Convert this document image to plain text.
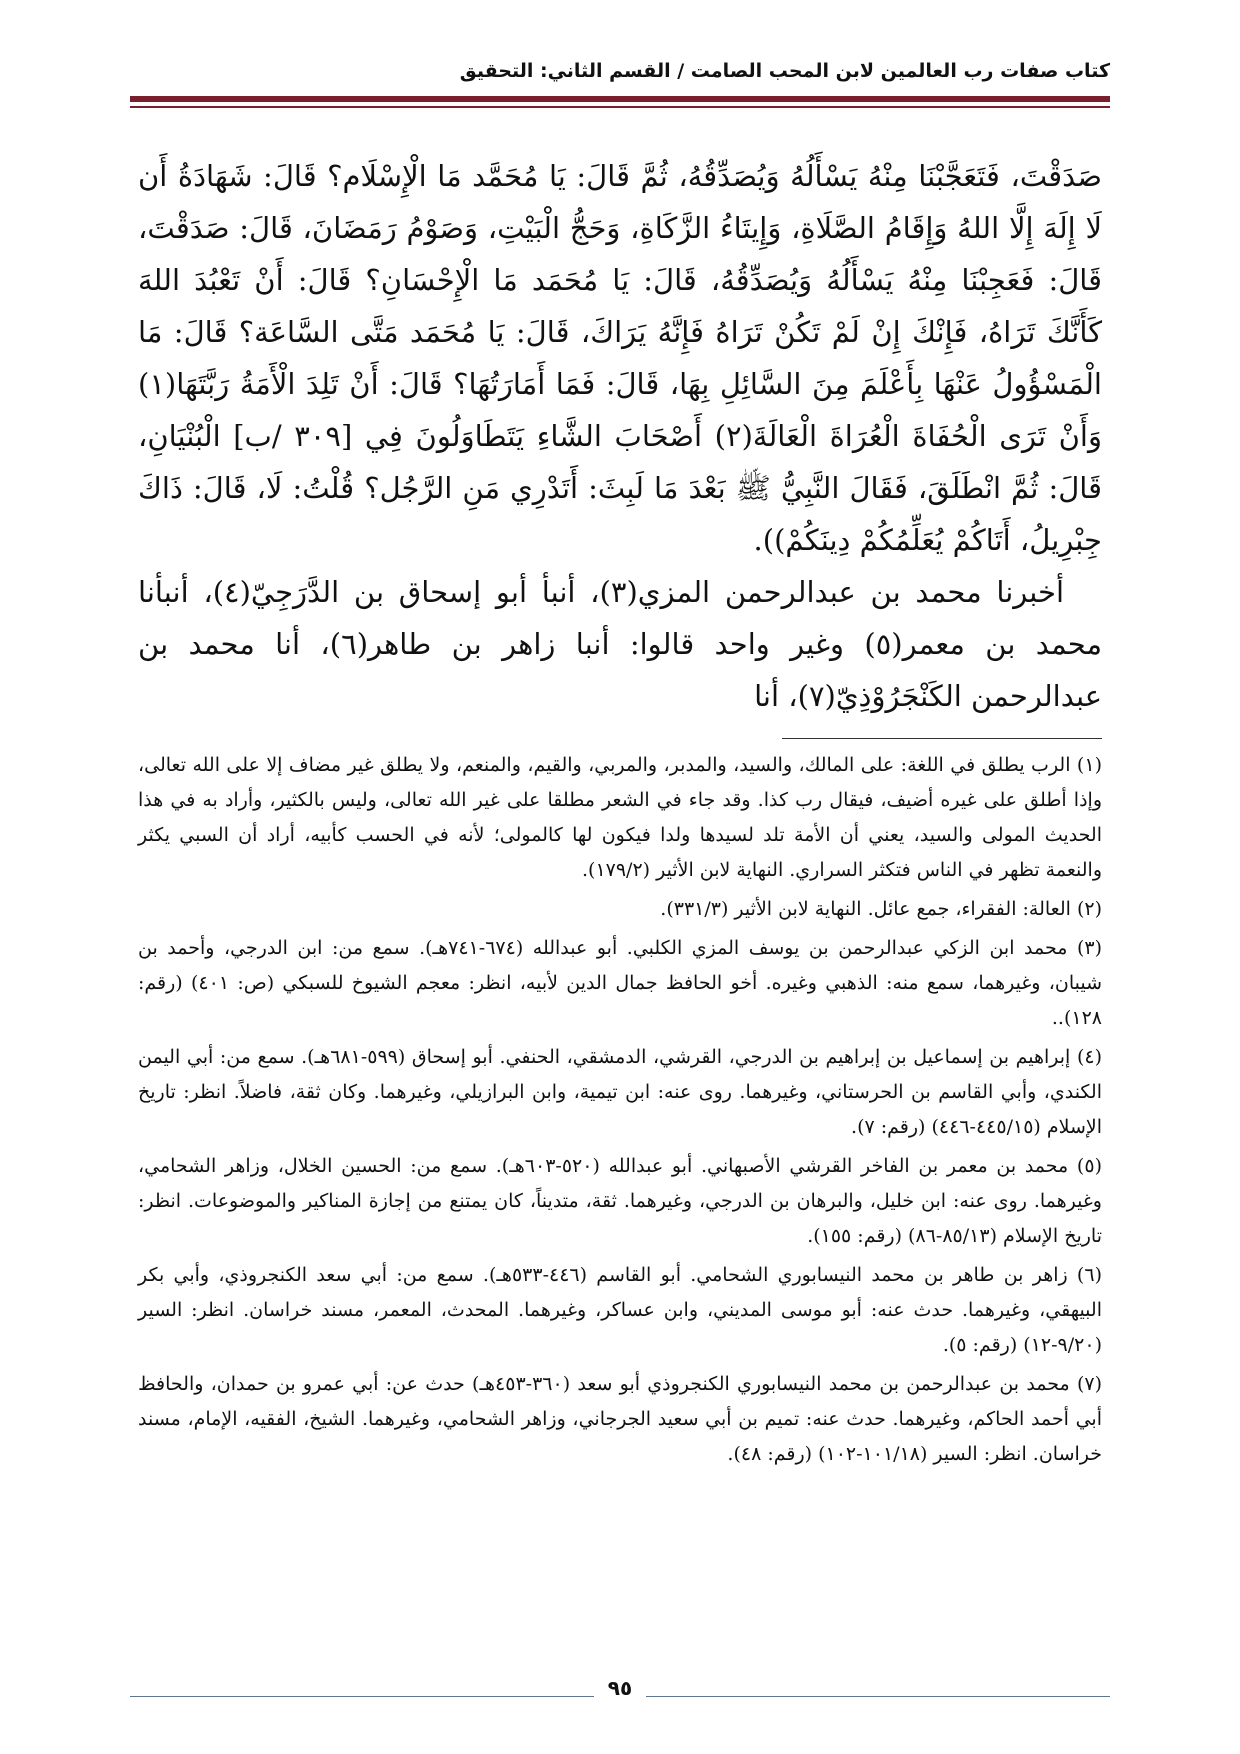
كتاب صفات رب العالمين لابن المحب الصامت / القسم الثاني: التحقيق

صَدَقْتَ، فَتَعَجَّبْنَا مِنْهُ يَسْأَلُهُ وَيُصَدِّقُهُ، ثُمَّ قَالَ: يَا مُحَمَّد مَا الْإِسْلَام؟ قَالَ: شَهَادَةُ أَن لَا إِلَهَ إِلَّا اللهُ وَإِقَامُ الصَّلَاةِ، وَإِيتَاءُ الزَّكَاةِ، وَحَجُّ الْبَيْتِ، وَصَوْمُ رَمَضَانَ، قَالَ: صَدَقْتَ، قَالَ: فَعَجِبْنَا مِنْهُ يَسْأَلُهُ وَيُصَدِّقُهُ، قَالَ: يَا مُحَمَد مَا الْإِحْسَانِ؟ قَالَ: أَنْ تَعْبُدَ اللهَ كَأَنَّكَ تَرَاهُ، فَإِنْكَ إِنْ لَمْ تَكُنْ تَرَاهُ فَإِنَّهُ يَرَاكَ، قَالَ: يَا مُحَمَد مَتَّى السَّاعَة؟ قَالَ: مَا الْمَسْؤُولُ عَنْهَا بِأَعْلَمَ مِنَ السَّائِلِ بِهَا، قَالَ: فَمَا أَمَارَتُهَا؟ قَالَ: أَنْ تَلِدَ الْأَمَةُ رَبَّتَهَا(١) وَأَنْ تَرَى الْحُفَاةَ الْعُرَاةَ الْعَالَةَ(٢) أَصْحَابَ الشَّاءِ يَتَطَاوَلُونَ فِي [٣٠٩ /ب] الْبُنْيَانِ، قَالَ: ثُمَّ انْطَلَقَ، فَقَالَ النَّبِيُّ ﷺ بَعْدَ مَا لَبِثَ: أَتَدْرِي مَنِ الرَّجُل؟ قُلْتُ: لَا، قَالَ: ذَاكَ جِبْرِيلُ، أَتَاكُمْ يُعَلِّمُكُمْ دِينَكُمْ)).

أخبرنا محمد بن عبدالرحمن المزي(٣)، أنبأ أبو إسحاق بن الدَّرَجِيّ(٤)، أنبأنا محمد بن معمر(٥) وغير واحد قالوا: أنبا زاهر بن طاهر(٦)، أنا محمد بن عبدالرحمن الكَنْجَرُوْذِيّ(٧)، أنا

(١) الرب يطلق في اللغة: على المالك، والسيد، والمدبر، والمربي، والقيم، والمنعم، ولا يطلق غير مضاف إلا على الله تعالى، وإذا أطلق على غيره أضيف، فيقال رب كذا. وقد جاء في الشعر مطلقا على غير الله تعالى، وليس بالكثير، وأراد به في هذا الحديث المولى والسيد، يعني أن الأمة تلد لسيدها ولدا فيكون لها كالمولى؛ لأنه في الحسب كأبيه، أراد أن السبي يكثر والنعمة تظهر في الناس فتكثر السراري. النهاية لابن الأثير (١٧٩/٢).

(٢) العالة: الفقراء، جمع عائل. النهاية لابن الأثير (٣٣١/٣).

(٣) محمد ابن الزكي عبدالرحمن بن يوسف المزي الكلبي. أبو عبدالله (٦٧٤-٧٤١هـ). سمع من: ابن الدرجي، وأحمد بن شيبان، وغيرهما، سمع منه: الذهبي وغيره. أخو الحافظ جمال الدين لأبيه، انظر: معجم الشيوخ للسبكي (ص: ٤٠١) (رقم: ١٢٨)..

(٤) إبراهيم بن إسماعيل بن إبراهيم بن الدرجي، القرشي، الدمشقي، الحنفي. أبو إسحاق (٥٩٩-٦٨١هـ). سمع من: أبي اليمن الكندي، وأبي القاسم بن الحرستاني، وغيرهما. روى عنه: ابن تيمية، وابن البرازيلي، وغيرهما. وكان ثقة، فاضلاً. انظر: تاريخ الإسلام (٤٤٥/١٥-٤٤٦) (رقم: ٧).

(٥) محمد بن معمر بن الفاخر القرشي الأصبهاني. أبو عبدالله (٥٢٠-٦٠٣هـ). سمع من: الحسين الخلال، وزاهر الشحامي، وغيرهما. روى عنه: ابن خليل، والبرهان بن الدرجي، وغيرهما. ثقة، متديناً، كان يمتنع من إجازة المناكير والموضوعات. انظر: تاريخ الإسلام (٨٥/١٣-٨٦) (رقم: ١٥٥).

(٦) زاهر بن طاهر بن محمد النيسابوري الشحامي. أبو القاسم (٤٤٦-٥٣٣هـ). سمع من: أبي سعد الكنجروذي، وأبي بكر البيهقي، وغيرهما. حدث عنه: أبو موسى المديني، وابن عساكر، وغيرهما. المحدث، المعمر، مسند خراسان. انظر: السير (٩/٢٠-١٢) (رقم: ٥).

(٧) محمد بن عبدالرحمن بن محمد النيسابوري الكنجروذي أبو سعد (٣٦٠-٤٥٣هـ) حدث عن: أبي عمرو بن حمدان، والحافظ أبي أحمد الحاكم، وغيرهما. حدث عنه: تميم بن أبي سعيد الجرجاني، وزاهر الشحامي، وغيرهما. الشيخ، الفقيه، الإمام، مسند خراسان. انظر: السير (١٠١/١٨-١٠٢) (رقم: ٤٨).

٩٥
